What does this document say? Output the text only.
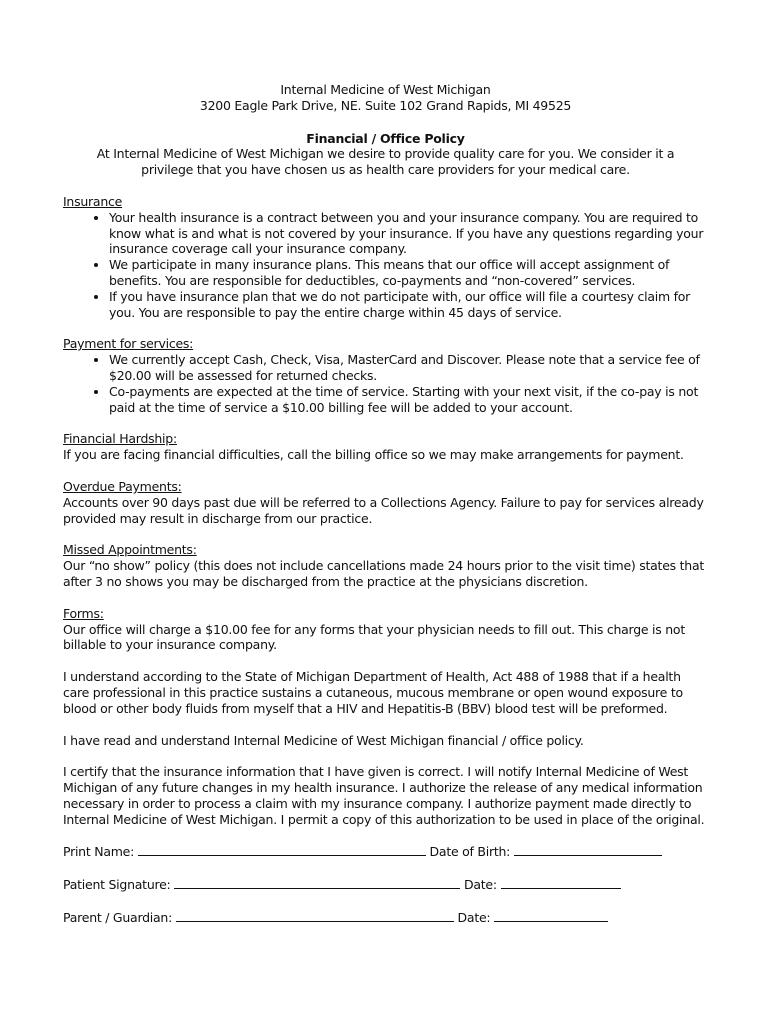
Internal Medicine of West Michigan
3200 Eagle Park Drive, NE. Suite 102 Grand Rapids, MI 49525
Financial / Office Policy
At Internal Medicine of West Michigan we desire to provide quality care for you. We consider it a privilege that you have chosen us as health care providers for your medical care.
Insurance
• Your health insurance is a contract between you and your insurance company. You are required to know what is and what is not covered by your insurance. If you have any questions regarding your insurance coverage call your insurance company.
• We participate in many insurance plans. This means that our office will accept assignment of benefits. You are responsible for deductibles, co-payments and “non-covered” services.
• If you have insurance plan that we do not participate with, our office will file a courtesy claim for you. You are responsible to pay the entire charge within 45 days of service.
Payment for services:
• We currently accept Cash, Check, Visa, MasterCard and Discover. Please note that a service fee of $20.00 will be assessed for returned checks.
• Co-payments are expected at the time of service. Starting with your next visit, if the co-pay is not paid at the time of service a $10.00 billing fee will be added to your account.
Financial Hardship:

If you are facing financial difficulties, call the billing office so we may make arrangements for payment.

Overdue Payments:

Accounts over 90 days past due will be referred to a Collections Agency. Failure to pay for services already provided may result in discharge from our practice.

Missed Appointments:

Our “no show” policy (this does not include cancellations made 24 hours prior to the visit time) states that after 3 no shows you may be discharged from the practice at the physicians discretion.

Forms:

Our office will charge a $10.00 fee for any forms that your physician needs to fill out. This charge is not billable to your insurance company.

I understand according to the State of Michigan Department of Health, Act 488 of 1988 that if a health care professional in this practice sustains a cutaneous, mucous membrane or open wound exposure to blood or other body fluids from myself that a HIV and Hepatitis-B (BBV) blood test will be preformed.

I have read and understand Internal Medicine of West Michigan financial / office policy.

I certify that the insurance information that I have given is correct. I will notify Internal Medicine of West Michigan of any future changes in my health insurance. I authorize the release of any medical information necessary in order to process a claim with my insurance company. I authorize payment made directly to Internal Medicine of West Michigan. I permit a copy of this authorization to be used in place of the original.

Print Name:	Date of Birth:
Patient Signature:	Date:
Parent / Guardian:	Date:
